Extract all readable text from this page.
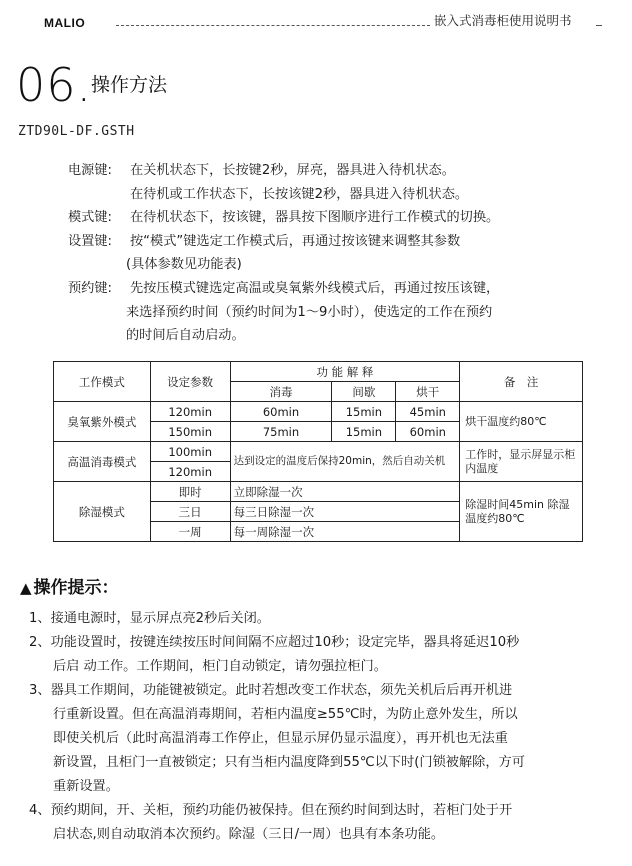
MALIO	嵌入式消毒柜使用说明书
06.
操作方法
ZTD90L-DF.GSTH
电源键: 在关机状态下，长按键2秒，屏亮，器具进入待机状态。
在待机或工作状态下，长按该键2秒，器具进入待机状态。
模式键: 在待机状态下，按该键，器具按下图顺序进行工作模式的切换。
设置键: 按“模式”键选定工作模式后，再通过按该键来调整其参数
(具体参数见功能表)
预约键: 先按压模式键选定高温或臭氧紫外线模式后，再通过按压该键，
来选择预约时间（预约时间为1～9小时），使选定的工作在预约
的时间后自动启动。
工作模式	设定参数	功 能 解 释			备　注
		消毒	间歇	烘干	
臭氧紫外模式	120min	60min	15min	45min	烘干温度约80℃
	150min	75min	15min	60min	
高温消毒模式	100min	达到设定的温度后保持20min，然后自动关机			工作时，显示屏显示柜内温度
	120min				
除湿模式	即时	立即除湿一次			除湿时间45min 除湿温度约80℃
	三日	每三日除湿一次			
	一周	每一周除湿一次			
▲ 操作提示：
1、接通电源时，显示屏点亮2秒后关闭。
2、功能设置时，按键连续按压时间间隔不应超过10秒；设定完毕，器具将延迟10秒
后启 动工作。工作期间，柜门自动锁定，请勿强拉柜门。
3、器具工作期间，功能键被锁定。此时若想改变工作状态，须先关机后后再开机进
行重新设置。但在高温消毒期间，若柜内温度≥55℃时，为防止意外发生，所以
即使关机后（此时高温消毒工作停止，但显示屏仍显示温度），再开机也无法重
新设置，且柜门一直被锁定；只有当柜内温度降到55℃以下时(门锁被解除，方可
重新设置。
4、预约期间，开、关柜，预约功能仍被保持。但在预约时间到达时，若柜门处于开
启状态,则自动取消本次预约。除湿（三日/一周）也具有本条功能。
